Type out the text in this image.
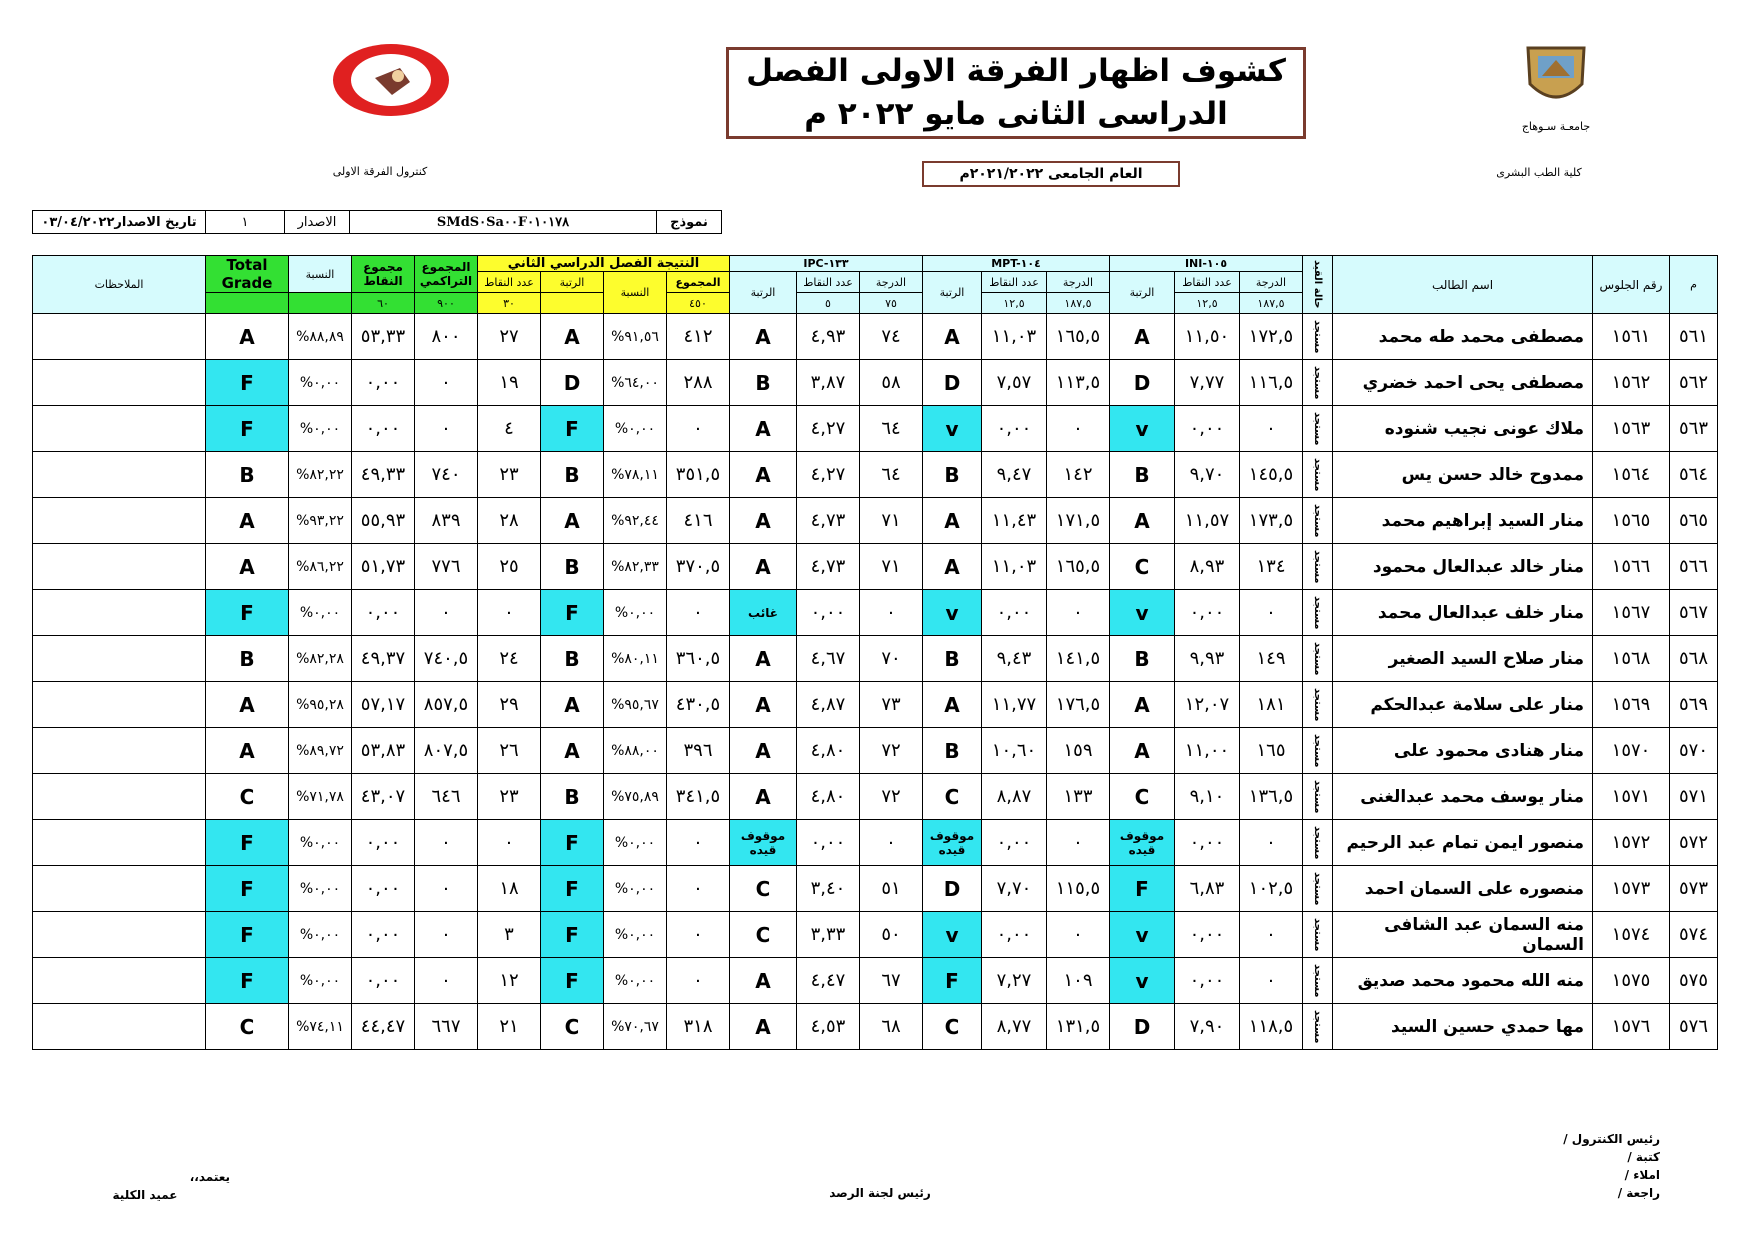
جامعـة سـوهاج
كلية الطب البشرى
كنترول الفرقة الاولى
كشوف اظهار الفرقة الاولى الفصل
الدراسى الثانى مايو ٢٠٢٢ م
العام الجامعى ٢٠٢١/٢٠٢٢م
تاريخ الاصدار٠٣/٠٤/٢٠٢٢	١	الاصدار	SMdS٠Sa٠٠F٠١٠١٧٨	نموذج
الملاحظات	Total Grade	النسبة	مجموع النقاط	المجموع التراكمي	النتيجة الفصل الدراسي الثاني				IPC-١٣٣			MPT-١٠٤			INI-١٠٥			حالة القيد	اسم الطالب	رقم الجلوس	م
					عدد النقاط	الرتبة	النسبة	المجموع	الرتبة	عدد النقاط	الدرجة	الرتبة	عدد النقاط	الدرجة	الرتبة	عدد النقاط	الدرجة				
			٦٠	٩٠٠	٣٠			٤٥٠		٥	٧٥		١٢,٥	١٨٧,٥		١٢,٥	١٨٧,٥				
	A	%٨٨,٨٩	٥٣,٣٣	٨٠٠	٢٧	A	%٩١,٥٦	٤١٢	A	٤,٩٣	٧٤	A	١١,٠٣	١٦٥,٥	A	١١,٥٠	١٧٢,٥	مستجد	مصطفى محمد طه محمد	١٥٦١	٥٦١
	F	%٠,٠٠	٠,٠٠	٠	١٩	D	%٦٤,٠٠	٢٨٨	B	٣,٨٧	٥٨	D	٧,٥٧	١١٣,٥	D	٧,٧٧	١١٦,٥	مستجد	مصطفى يحى احمد خضري	١٥٦٢	٥٦٢
	F	%٠,٠٠	٠,٠٠	٠	٤	F	%٠,٠٠	٠	A	٤,٢٧	٦٤	v	٠,٠٠	٠	v	٠,٠٠	٠	مستجد	ملاك عونى نجيب شنوده	١٥٦٣	٥٦٣
	B	%٨٢,٢٢	٤٩,٣٣	٧٤٠	٢٣	B	%٧٨,١١	٣٥١,٥	A	٤,٢٧	٦٤	B	٩,٤٧	١٤٢	B	٩,٧٠	١٤٥,٥	مستجد	ممدوح خالد حسن يس	١٥٦٤	٥٦٤
	A	%٩٣,٢٢	٥٥,٩٣	٨٣٩	٢٨	A	%٩٢,٤٤	٤١٦	A	٤,٧٣	٧١	A	١١,٤٣	١٧١,٥	A	١١,٥٧	١٧٣,٥	مستجد	منار السيد إبراهيم محمد	١٥٦٥	٥٦٥
	A	%٨٦,٢٢	٥١,٧٣	٧٧٦	٢٥	B	%٨٢,٣٣	٣٧٠,٥	A	٤,٧٣	٧١	A	١١,٠٣	١٦٥,٥	C	٨,٩٣	١٣٤	مستجد	منار خالد عبدالعال محمود	١٥٦٦	٥٦٦
	F	%٠,٠٠	٠,٠٠	٠	٠	F	%٠,٠٠	٠	غائب	٠,٠٠	٠	v	٠,٠٠	٠	v	٠,٠٠	٠	مستجد	منار خلف عبدالعال محمد	١٥٦٧	٥٦٧
	B	%٨٢,٢٨	٤٩,٣٧	٧٤٠,٥	٢٤	B	%٨٠,١١	٣٦٠,٥	A	٤,٦٧	٧٠	B	٩,٤٣	١٤١,٥	B	٩,٩٣	١٤٩	مستجد	منار صلاح السيد الصغير	١٥٦٨	٥٦٨
	A	%٩٥,٢٨	٥٧,١٧	٨٥٧,٥	٢٩	A	%٩٥,٦٧	٤٣٠,٥	A	٤,٨٧	٧٣	A	١١,٧٧	١٧٦,٥	A	١٢,٠٧	١٨١	مستجد	منار على سلامة عبدالحكم	١٥٦٩	٥٦٩
	A	%٨٩,٧٢	٥٣,٨٣	٨٠٧,٥	٢٦	A	%٨٨,٠٠	٣٩٦	A	٤,٨٠	٧٢	B	١٠,٦٠	١٥٩	A	١١,٠٠	١٦٥	مستجد	منار هنادى محمود على	١٥٧٠	٥٧٠
	C	%٧١,٧٨	٤٣,٠٧	٦٤٦	٢٣	B	%٧٥,٨٩	٣٤١,٥	A	٤,٨٠	٧٢	C	٨,٨٧	١٣٣	C	٩,١٠	١٣٦,٥	مستجد	منار يوسف محمد عبدالغنى	١٥٧١	٥٧١
	F	%٠,٠٠	٠,٠٠	٠	٠	F	%٠,٠٠	٠	موقوف قيده	٠,٠٠	٠	موقوف قيده	٠,٠٠	٠	موقوف قيده	٠,٠٠	٠	مستجد	منصور ايمن تمام عبد الرحيم	١٥٧٢	٥٧٢
	F	%٠,٠٠	٠,٠٠	٠	١٨	F	%٠,٠٠	٠	C	٣,٤٠	٥١	D	٧,٧٠	١١٥,٥	F	٦,٨٣	١٠٢,٥	مستجد	منصوره على السمان احمد	١٥٧٣	٥٧٣
	F	%٠,٠٠	٠,٠٠	٠	٣	F	%٠,٠٠	٠	C	٣,٣٣	٥٠	v	٠,٠٠	٠	v	٠,٠٠	٠	مستجد	منه السمان عبد الشافى السمان	١٥٧٤	٥٧٤
	F	%٠,٠٠	٠,٠٠	٠	١٢	F	%٠,٠٠	٠	A	٤,٤٧	٦٧	F	٧,٢٧	١٠٩	v	٠,٠٠	٠	مستجد	منه الله محمود محمد صديق	١٥٧٥	٥٧٥
	C	%٧٤,١١	٤٤,٤٧	٦٦٧	٢١	C	%٧٠,٦٧	٣١٨	A	٤,٥٣	٦٨	C	٨,٧٧	١٣١,٥	D	٧,٩٠	١١٨,٥	مستجد	مها حمدي حسين السيد	١٥٧٦	٥٧٦
رئيس الكنترول /
كتبة /
املاء /
راجعة /
رئيس لجنة الرصد
يعتمد،،
عميد الكلية
